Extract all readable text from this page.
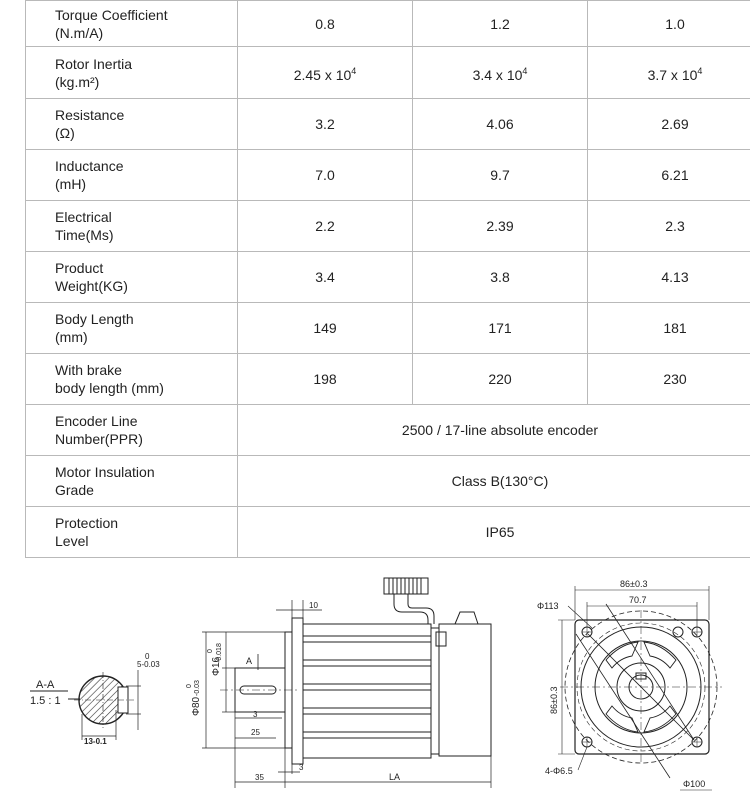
Torque Coefficient
(N.m/A)	0.8	1.2	1.0

Rotor Inertia
(kg.m²)	2.45 x $10^4$	3.4 x $10^4$	3.7 x $10^4$

Resistance
(Ω)	3.2	4.06	2.69

Inductance
(mH)	7.0	9.7	6.21

Electrical
Time(Ms)	2.2	2.39	2.3

Product
Weight(KG)	3.4	3.8	4.13

Body Length
(mm)	149	171	181

With brake
body length (mm)	198	220	230

Encoder Line
Number(PPR)	2500 / 17-line absolute encoder		

Motor Insulation
Grade	Class B(130°C)		

Protection
Level	IP65		
A-A
1.5 : 1
0
5-0.03
13-0.1
10
A
Φ16
0 -0.018
Φ80
0 -0.03
3
25
3
35	LA
86±0.3
70.7
Φ113
86±0.3
4-Φ6.5
Φ100
